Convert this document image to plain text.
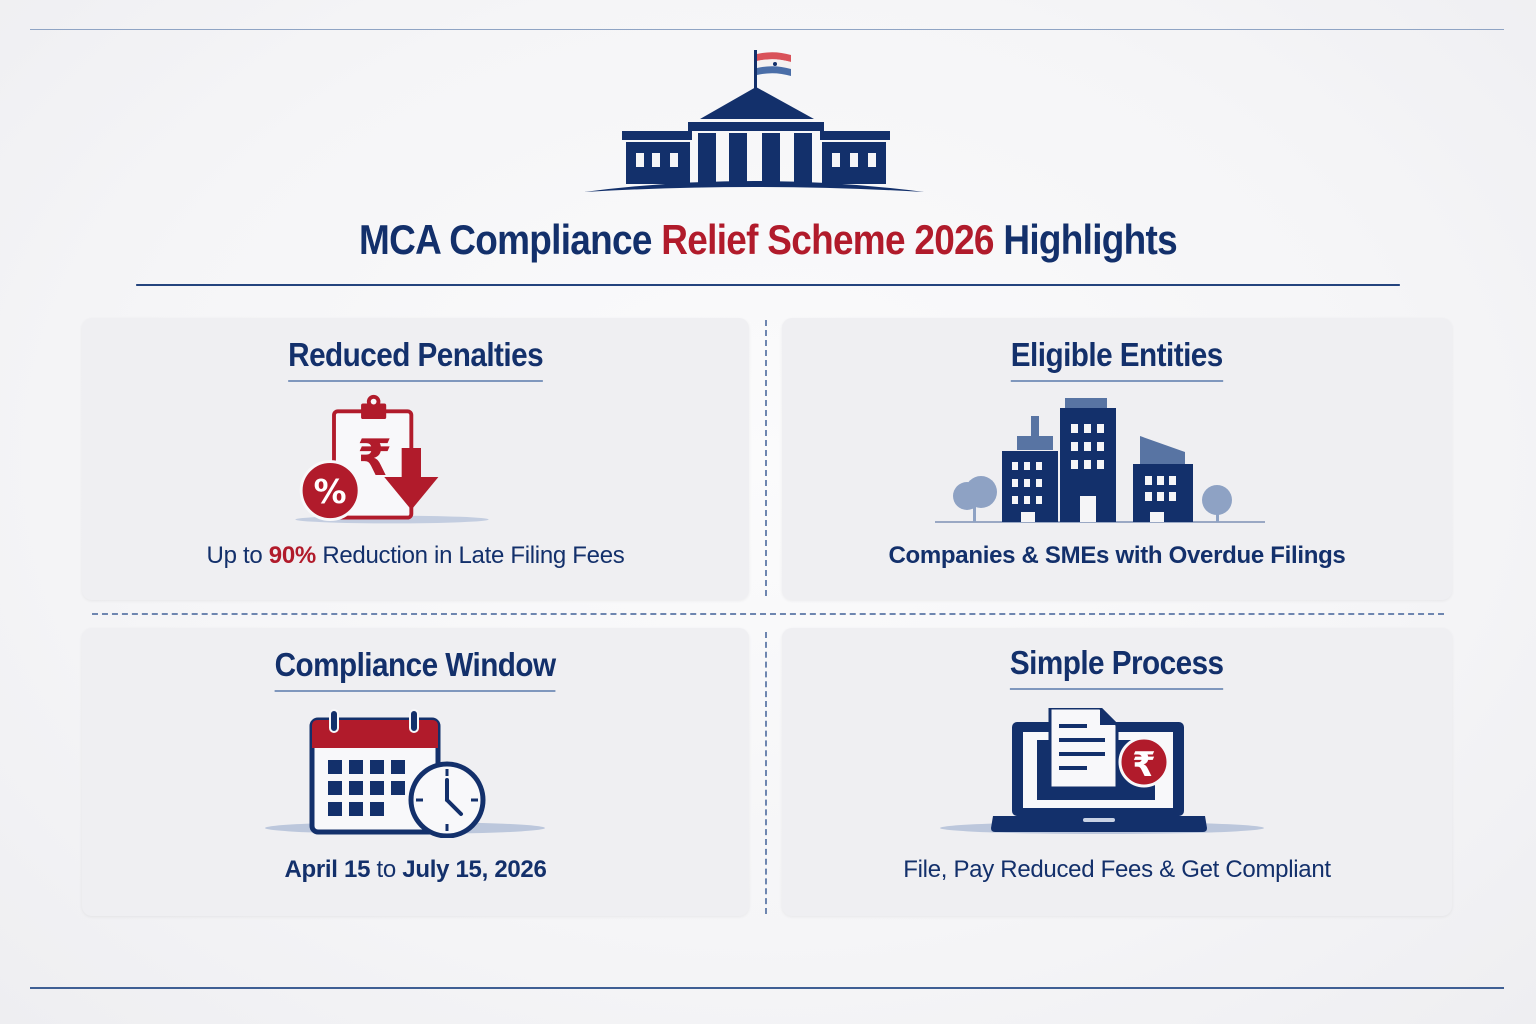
MCA Compliance Relief Scheme 2026 Highlights
Reduced Penalties
₹
%
Up to 90% Reduction in Late Filing Fees
Eligible Entities
Companies & SMEs with Overdue Filings
Compliance Window
April 15 to July 15, 2026
Simple Process
₹
File, Pay Reduced Fees & Get Compliant
